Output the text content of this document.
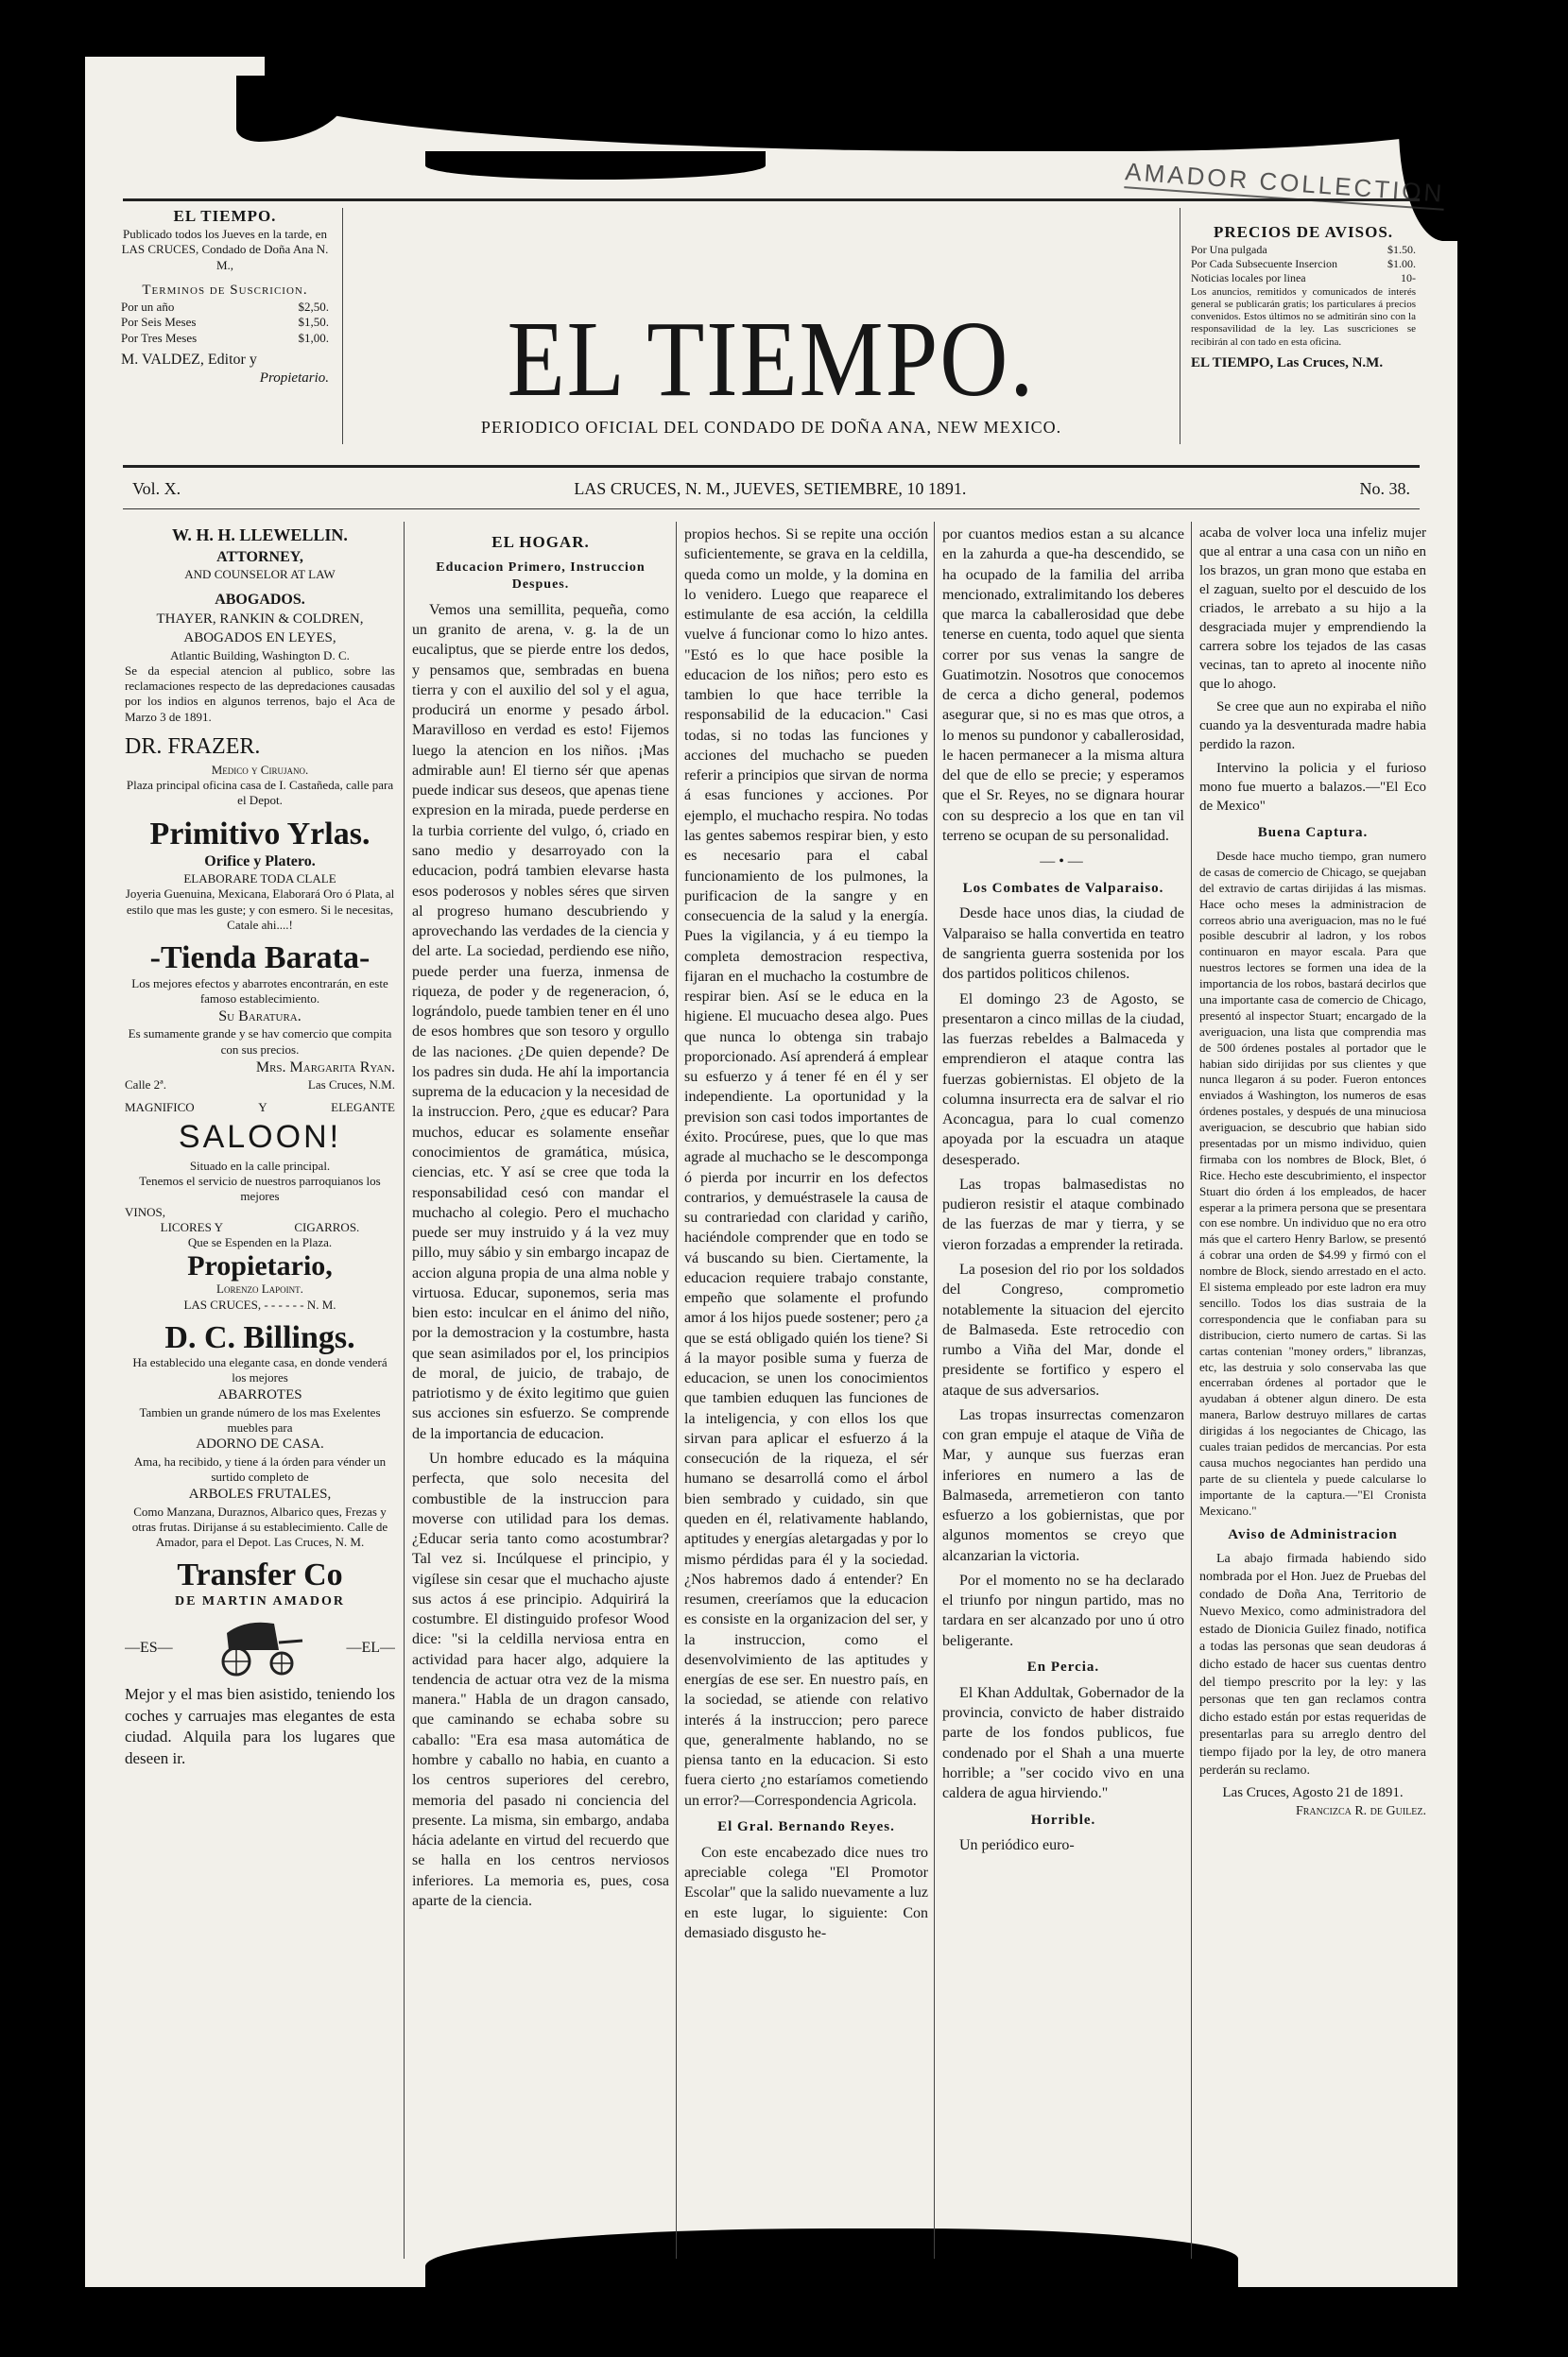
AMADOR COLLECTION
EL TIEMPO.
Publicado todos los Jueves en la tarde, en LAS CRUCES, Condado de Doña Ana N. M.,
Terminos de Suscricion.
Por un año	$2,50.
Por Seis Meses	$1,50.
Por Tres Meses	$1,00.
M. VALDEZ, Editor y
Propietario.	EL TIEMPO.
PERIODICO OFICIAL DEL CONDADO DE DOÑA ANA, NEW MEXICO.
PRECIOS DE AVISOS.
Por Una pulgada	$1.50.
Por Cada Subsecuente Insercion	$1.00.
Noticias locales por linea	10-
Los anuncios, remitidos y comunicados de interés general se publicarán gratis; los particulares á precios convenidos. Estos últimos no se admitirán sino con la responsavilidad de la ley. Las suscriciones se recibirán al con tado en esta oficina.
EL TIEMPO, Las Cruces, N.M.
Vol. X.	LAS CRUCES, N. M., JUEVES, SETIEMBRE, 10 1891.	No. 38.
W. H. H. LLEWELLIN.
ATTORNEY,
AND COUNSELOR AT LAW
ABOGADOS.
THAYER, RANKIN & COLDREN, ABOGADOS EN LEYES,
Atlantic Building, Washington D. C.
Se da especial atencion al publico, sobre las reclamaciones respecto de las depredaciones causadas por los indios en algunos terrenos, bajo el Aca de Marzo 3 de 1891.
DR. FRAZER.
Medico y Cirujano.
Plaza principal oficina casa de I. Castañeda, calle para el Depot.
Primitivo Yrlas.
Orifice y Platero.
ELABORARE TODA CLALE
Joyeria Guenuina, Mexicana, Elaborará Oro ó Plata, al estilo que mas les guste; y con esmero. Si le necesitas, Catale ahi....!
-Tienda Barata-
Los mejores efectos y abarrotes encontrarán, en este famoso establecimiento.
Su Baratura.
Es sumamente grande y se hav comercio que compita con sus precios.
Mrs. Margarita Ryan.
Calle 2ª.	Las Cruces, N.M.
MAGNIFICO	Y	ELEGANTE
SALOON!
Situado en la calle principal.
Tenemos el servicio de nuestros parroquianos los mejores
VINOS,
LICORES Y	CIGARROS.
Que se Espenden en la Plaza.
Propietario,
Lorenzo Lapoint.
LAS CRUCES, - - - - - - N. M.
D. C. Billings.
Ha establecido una elegante casa, en donde venderá los mejores
ABARROTES
Tambien un grande número de los mas Exelentes muebles para
ADORNO DE CASA.
Ama, ha recibido, y tiene á la órden para vénder un surtido completo de
ARBOLES FRUTALES,
Como Manzana, Duraznos, Albarico ques, Frezas y otras frutas. Dirijanse á su establecimiento. Calle de Amador, para el Depot. Las Cruces, N. M.
Transfer Co
DE MARTIN AMADOR
—ES—	—EL—
Mejor y el mas bien asistido, teniendo los coches y carruajes mas elegantes de esta ciudad. Alquila para los lugares que deseen ir.
EL HOGAR.
Educacion Primero, Instruccion Despues.

Vemos una semillita, pequeña, como un granito de arena, v. g. la de un eucaliptus, que se pierde entre los dedos, y pensamos que, sembradas en buena tierra y con el auxilio del sol y el agua, producirá un enorme y pesado árbol. Maravilloso en verdad es esto! Fijemos luego la atencion en los niños. ¡Mas admirable aun! El tierno sér que apenas puede indicar sus deseos, que apenas tiene expresion en la mirada, puede perderse en la turbia corriente del vulgo, ó, criado en sano medio y desarroyado con la educacion, podrá tambien elevarse hasta esos poderosos y nobles séres que sirven al progreso humano descubriendo y aprovechando las verdades de la ciencia y del arte. La sociedad, perdiendo ese niño, puede perder una fuerza, inmensa de riqueza, de poder y de regeneracion, ó, lográndolo, puede tambien tener en él uno de esos hombres que son tesoro y orgullo de las naciones. ¿De quien depende? De los padres sin duda. He ahí la importancia suprema de la educacion y la necesidad de la instruccion. Pero, ¿que es educar? Para muchos, educar es solamente enseñar conocimientos de gramática, música, ciencias, etc. Y así se cree que toda la responsabilidad cesó con mandar el muchacho al colegio. Pero el muchacho puede ser muy instruido y á la vez muy pillo, muy sábio y sin embargo incapaz de accion alguna propia de una alma noble y virtuosa. Educar, suponemos, seria mas bien esto: inculcar en el ánimo del niño, por la demostracion y la costumbre, hasta que sean asimilados por el, los principios de moral, de juicio, de trabajo, de patriotismo y de éxito legitimo que guien sus acciones sin esfuerzo. Se comprende de la importancia de educacion.

Un hombre educado es la máquina perfecta, que solo necesita del combustible de la instruccion para moverse con utilidad para los demas. ¿Educar seria tanto como acostumbrar? Tal vez si. Incúlquese el principio, y vigílese sin cesar que el muchacho ajuste sus actos á ese principio. Adquirirá la costumbre. El distinguido profesor Wood dice: "si la celdilla nerviosa entra en actividad para hacer algo, adquiere la tendencia de actuar otra vez de la misma manera." Habla de un dragon cansado, que caminando se echaba sobre su caballo: "Era esa masa automática de hombre y caballo no habia, en cuanto a los centros superiores del cerebro, memoria del pasado ni conciencia del presente. La misma, sin embargo, andaba hácia adelante en virtud del recuerdo que se halla en los centros nerviosos inferiores. La memoria es, pues, cosa aparte de la ciencia.

propios hechos. Si se repite una occión suficientemente, se grava en la celdilla, queda como un molde, y la domina en lo venidero. Luego que reaparece el estimulante de esa acción, la celdilla vuelve á funcionar como lo hizo antes. "Estó es lo que hace posible la educacion de los niños; pero esto es tambien lo que hace terrible la responsabilid de la educacion." Casi todas, si no todas las funciones y acciones del muchacho se pueden referir a principios que sirvan de norma á esas funciones y acciones. Por ejemplo, el muchacho respira. No todas las gentes sabemos respirar bien, y esto es necesario para el cabal funcionamiento de los pulmones, la purificacion de la sangre y en consecuencia de la salud y la energía. Pues la vigilancia, y á eu tiempo la completa demostracion respectiva, fijaran en el muchacho la costumbre de respirar bien. Así se le educa en la higiene. El mucuacho desea algo. Pues que nunca lo obtenga sin trabajo proporcionado. Así aprenderá á emplear su esfuerzo y á tener fé en él y ser independiente. La oportunidad y la prevision son casi todos importantes de éxito. Procúrese, pues, que lo que mas agrade al muchacho se le descomponga ó pierda por incurrir en los defectos contrarios, y demuéstrasele la causa de su contrariedad con claridad y cariño, haciéndole comprender que en todo se vá buscando su bien. Ciertamente, la educacion requiere trabajo constante, empeño que solamente el profundo amor á los hijos puede sostener; pero ¿a que se está obligado quién los tiene? Si á la mayor posible suma y fuerza de educacion, se unen los conocimientos que tambien eduquen las funciones de la inteligencia, y con ellos los que sirvan para aplicar el esfuerzo á la consecución de la riqueza, el sér humano se desarrollá como el árbol bien sembrado y cuidado, sin que queden en él, relativamente hablando, aptitudes y energías aletargadas y por lo mismo pérdidas para él y la sociedad. ¿Nos habremos dado á entender? En resumen, creeríamos que la educacion es consiste en la organizacion del ser, y la instruccion, como el desenvolvimiento de las aptitudes y energías de ese ser. En nuestro país, en la sociedad, se atiende con relativo interés á la instruccion; pero parece que, generalmente hablando, no se piensa tanto en la educacion. Si esto fuera cierto ¿no estaríamos cometiendo un error?—Correspondencia Agricola.

El Gral. Bernando Reyes.

Con este encabezado dice nues tro apreciable colega "El Promotor Escolar" que la salido nuevamente a luz en este lugar, lo siguiente: Con demasiado disgusto he-

por cuantos medios estan a su alcance en la zahurda a que-ha descendido, se ha ocupado de la familia del arriba mencionado, extralimitando los deberes que marca la caballerosidad que debe tenerse en cuenta, todo aquel que sienta correr por sus venas la sangre de Guatimotzin. Nosotros que conocemos de cerca a dicho general, podemos asegurar que, si no es mas que otros, a lo menos su pundonor y caballerosidad, le hacen permanecer a la misma altura del que de ello se precie; y esperamos que el Sr. Reyes, no se dignara hourar con su desprecio a los que en tan vil terreno se ocupan de su personalidad.

—•—
Los Combates de Valparaiso.

Desde hace unos dias, la ciudad de Valparaiso se halla convertida en teatro de sangrienta guerra sostenida por los dos partidos politicos chilenos.

El domingo 23 de Agosto, se presentaron a cinco millas de la ciudad, las fuerzas rebeldes a Balmaceda y emprendieron el ataque contra las fuerzas gobiernistas. El objeto de la columna insurrecta era de salvar el rio Aconcagua, para lo cual comenzo apoyada por la escuadra un ataque desesperado.

Las tropas balmasedistas no pudieron resistir el ataque combinado de las fuerzas de mar y tierra, y se vieron forzadas a emprender la retirada.

La posesion del rio por los soldados del Congreso, comprometio notablemente la situacion del ejercito de Balmaseda. Este retrocedio con rumbo a Viña del Mar, donde el presidente se fortifico y espero el ataque de sus adversarios.

Las tropas insurrectas comenzaron con gran empuje el ataque de Viña de Mar, y aunque sus fuerzas eran inferiores en numero a las de Balmaseda, arremetieron con tanto esfuerzo a los gobiernistas, que por algunos momentos se creyo que alcanzarian la victoria.

Por el momento no se ha declarado el triunfo por ningun partido, mas no tardara en ser alcanzado por uno ú otro beligerante.

En Percia.

El Khan Addultak, Gobernador de la provincia, convicto de haber distraido parte de los fondos publicos, fue condenado por el Shah a una muerte horrible; a "ser cocido vivo en una caldera de agua hirviendo."

Horrible.

Un periódico euro-

acaba de volver loca una infeliz mujer que al entrar a una casa con un niño en los brazos, un gran mono que estaba en el zaguan, suelto por el descuido de los criados, le arrebato a su hijo a la desgraciada mujer y emprendiendo la carrera sobre los tejados de las casas vecinas, tan to apreto al inocente niño que lo ahogo.

Se cree que aun no expiraba el niño cuando ya la desventurada madre habia perdido la razon.

Intervino la policia y el furioso mono fue muerto a balazos.—"El Eco de Mexico"

Buena Captura.

Desde hace mucho tiempo, gran numero de casas de comercio de Chicago, se quejaban del extravio de cartas dirijidas á las mismas. Hace ocho meses la administracion de correos abrio una averiguacion, mas no le fué posible descubrir al ladron, y los robos continuaron en mayor escala. Para que nuestros lectores se formen una idea de la importancia de los robos, bastará decirlos que una importante casa de comercio de Chicago, presentó al inspector Stuart; encargado de la averiguacion, una lista que comprendia mas de 500 órdenes postales al portador que le habian sido dirijidas por sus clientes y que nunca llegaron á su poder. Fueron entonces enviados á Washington, los numeros de esas órdenes postales, y después de una minuciosa averiguacion, se descubrio que habian sido presentadas por un mismo individuo, quien firmaba con los nombres de Block, Blet, ó Rice. Hecho este descubrimiento, el inspector Stuart dio órden á los empleados, de hacer esperar a la primera persona que se presentara con ese nombre. Un individuo que no era otro más que el cartero Henry Barlow, se presentó á cobrar una orden de $4.99 y firmó con el nombre de Block, siendo arrestado en el acto. El sistema empleado por este ladron era muy sencillo. Todos los dias sustraia de la correspondencia que le confiaban para su distribucion, cierto numero de cartas. Si las cartas contenian "money orders," libranzas, etc, las destruia y solo conservaba las que encerraban órdenes al portador que le ayudaban á obtener algun dinero. De esta manera, Barlow destruyo millares de cartas dirigidas á los negociantes de Chicago, las cuales traian pedidos de mercancias. Por esta causa muchos negociantes han perdido una parte de su clientela y puede calcularse lo importante de la captura.—"El Cronista Mexicano."

Aviso de Administracion

La abajo firmada habiendo sido nombrada por el Hon. Juez de Pruebas del condado de Doña Ana, Territorio de Nuevo Mexico, como administradora del estado de Dionicia Guilez finado, notifica a todas las personas que sean deudoras á dicho estado de hacer sus cuentas dentro del tiempo prescrito por la ley: y las personas que ten gan reclamos contra dicho estado están por estas requeridas de presentarlas para su arreglo dentro del tiempo fijado por la ley, de otro manera perderán su reclamo.

Las Cruces, Agosto 21 de 1891.
Francizca R. de Guilez.
